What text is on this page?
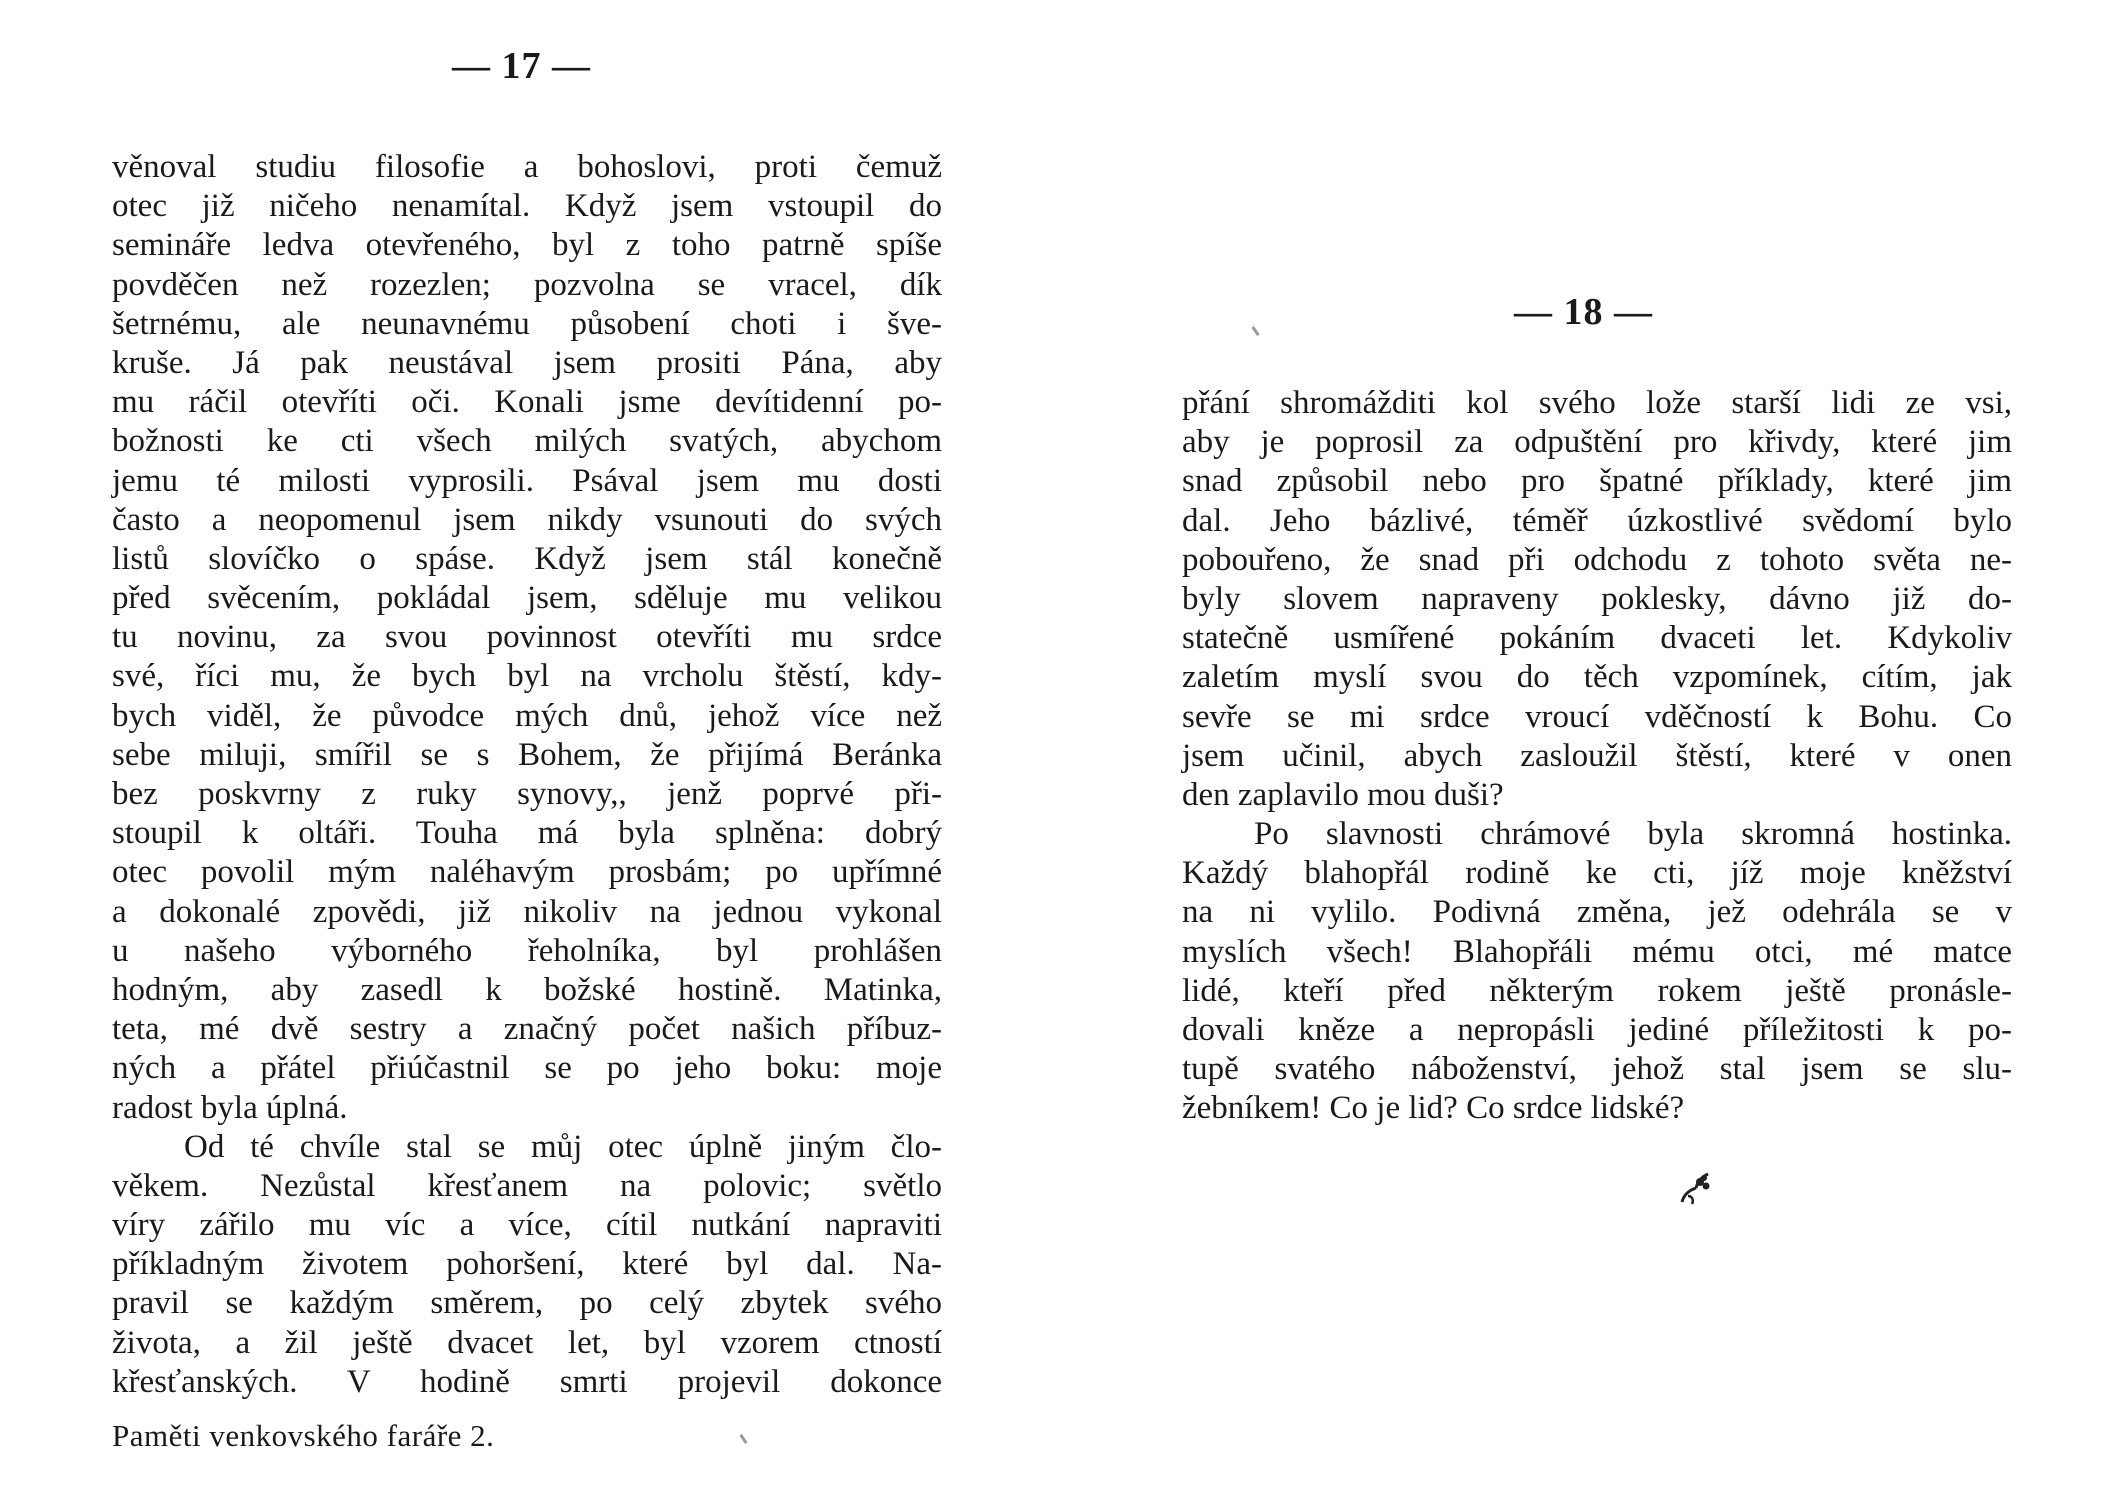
— 17 —
věnoval studiu filosofie a bohoslovi, proti čemuž
otec již ničeho nenamítal. Když jsem vstoupil do
semináře ledva otevřeného, byl z toho patrně spíše
povděčen než rozezlen; pozvolna se vracel, dík
šetrnému, ale neunavnému působení choti i šve-
kruše. Já pak neustával jsem prositi Pána, aby
mu ráčil otevříti oči. Konali jsme devítidenní po-
božnosti ke cti všech milých svatých, abychom
jemu té milosti vyprosili. Psával jsem mu dosti
často a neopomenul jsem nikdy vsunouti do svých
listů slovíčko o spáse. Když jsem stál konečně
před svěcením, pokládal jsem, sděluje mu velikou
tu novinu, za svou povinnost otevříti mu srdce
své, říci mu, že bych byl na vrcholu štěstí, kdy-
bych viděl, že původce mých dnů, jehož více než
sebe miluji, smířil se s Bohem, že přijímá Beránka
bez poskvrny z ruky synovy,, jenž poprvé při-
stoupil k oltáři. Touha má byla splněna: dobrý
otec povolil mým naléhavým prosbám; po upřímné
a dokonalé zpovědi, již nikoliv na jednou vykonal
u našeho výborného řeholníka, byl prohlášen
hodným, aby zasedl k božské hostině. Matinka,
teta, mé dvě sestry a značný počet našich příbuz-
ných a přátel přiúčastnil se po jeho boku: moje
radost byla úplná.
Od té chvíle stal se můj otec úplně jiným člo-
věkem. Nezůstal křesťanem na polovic; světlo
víry zářilo mu víc a více, cítil nutkání napraviti
příkladným životem pohoršení, které byl dal. Na-
pravil se každým směrem, po celý zbytek svého
života, a žil ještě dvacet let, byl vzorem ctností
křesťanských. V hodině smrti projevil dokonce
Paměti venkovského faráře 2.
— 18 —
přání shromážditi kol svého lože starší lidi ze vsi,
aby je poprosil za odpuštění pro křivdy, které jim
snad způsobil nebo pro špatné příklady, které jim
dal. Jeho bázlivé, téměř úzkostlivé svědomí bylo
pobouřeno, že snad při odchodu z tohoto světa ne-
byly slovem napraveny poklesky, dávno již do-
statečně usmířené pokáním dvaceti let. Kdykoliv
zaletím myslí svou do těch vzpomínek, cítím, jak
sevře se mi srdce vroucí vděčností k Bohu. Co
jsem učinil, abych zasloužil štěstí, které v onen
den zaplavilo mou duši?
Po slavnosti chrámové byla skromná hostinka.
Každý blahopřál rodině ke cti, jíž moje kněžství
na ni vylilo. Podivná změna, jež odehrála se v
myslích všech! Blahopřáli mému otci, mé matce
lidé, kteří před některým rokem ještě pronásle-
dovali kněze a nepropásli jediné příležitosti k po-
tupě svatého náboženství, jehož stal jsem se slu-
žebníkem! Co je lid? Co srdce lidské?
